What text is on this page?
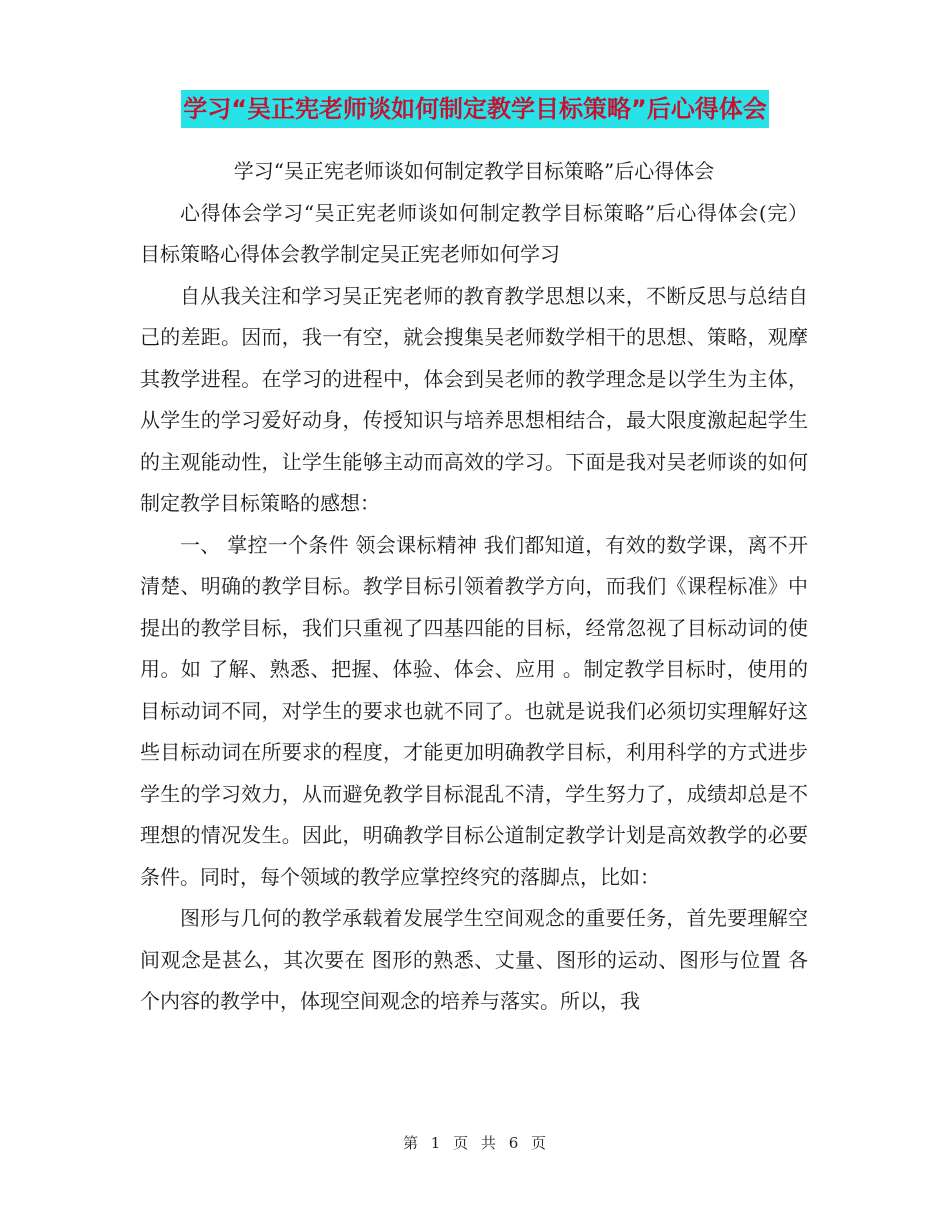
学习“吴正宪老师谈如何制定教学目标策略”后心得体会

学习“吴正宪老师谈如何制定教学目标策略”后心得体会

心得体会学习“吴正宪老师谈如何制定教学目标策略”后心得体会(完）目标策略心得体会教学制定吴正宪老师如何学习

自从我关注和学习吴正宪老师的教育教学思想以来，不断反思与总结自己的差距。因而，我一有空，就会搜集吴老师数学相干的思想、策略，观摩其教学进程。在学习的进程中，体会到吴老师的教学理念是以学生为主体，从学生的学习爱好动身，传授知识与培养思想相结合，最大限度激起起学生的主观能动性，让学生能够主动而高效的学习。下面是我对吴老师谈的如何制定教学目标策略的感想：

一、 掌控一个条件 领会课标精神 我们都知道，有效的数学课，离不开清楚、明确的教学目标。教学目标引领着教学方向，而我们《课程标准》中提出的教学目标，我们只重视了四基四能的目标，经常忽视了目标动词的使用。如 了解、熟悉、把握、体验、体会、应用 。制定教学目标时，使用的目标动词不同，对学生的要求也就不同了。也就是说我们必须切实理解好这些目标动词在所要求的程度，才能更加明确教学目标，利用科学的方式进步学生的学习效力，从而避免教学目标混乱不清，学生努力了，成绩却总是不理想的情况发生。因此，明确教学目标公道制定教学计划是高效教学的必要条件。同时，每个领域的教学应掌控终究的落脚点，比如：

图形与几何的教学承载着发展学生空间观念的重要任务，首先要理解空间观念是甚么，其次要在 图形的熟悉、丈量、图形的运动、图形与位置 各个内容的教学中，体现空间观念的培养与落实。所以，我

第 1 页 共 6 页
